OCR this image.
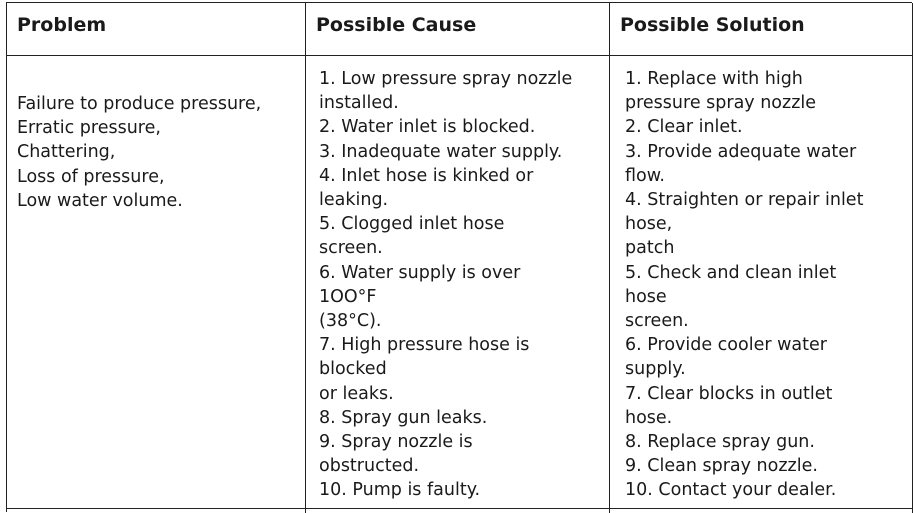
Problem	Possible Cause	Possible Solution
Failure to produce pressure,
Erratic pressure,
Chattering,
Loss of pressure,
Low water volume.
1. Low pressure spray nozzle
installed.
2. Water inlet is blocked.
3. Inadequate water supply.
4. Inlet hose is kinked or
leaking.
5. Clogged inlet hose
screen.
6. Water supply is over
1OO°F
(38°C).
7. High pressure hose is
blocked
or leaks.
8. Spray gun leaks.
9. Spray nozzle is
obstructed.
10. Pump is faulty.
1. Replace with high
pressure spray nozzle
2. Clear inlet.
3. Provide adequate water
flow.
4. Straighten or repair inlet
hose,
patch
5. Check and clean inlet
hose
screen.
6. Provide cooler water
supply.
7. Clear blocks in outlet
hose.
8. Replace spray gun.
9. Clean spray nozzle.
10. Contact your dealer.
